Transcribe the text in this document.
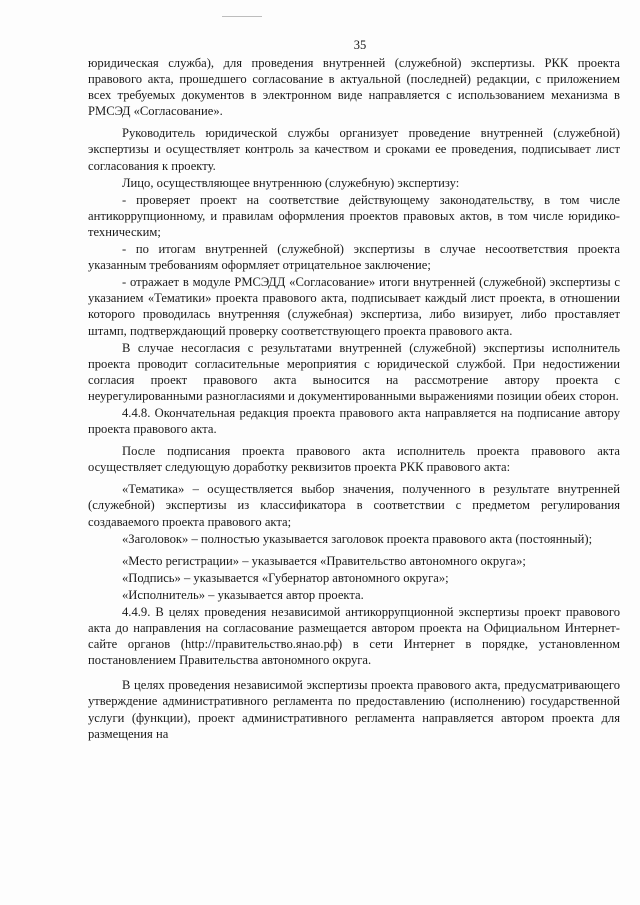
35

юридическая служба), для проведения внутренней (служебной) экспертизы. РКК проекта правового акта, прошедшего согласование в актуальной (последней) редакции, с приложением всех требуемых документов в электронном виде направляется с использованием механизма в РМСЭД «Согласование».

Руководитель юридической службы организует проведение внутренней (служебной) экспертизы и осуществляет контроль за качеством и сроками ее проведения, подписывает лист согласования к проекту.

Лицо, осуществляющее внутреннюю (служебную) экспертизу:

- проверяет проект на соответствие действующему законодательству, в том числе антикоррупционному, и правилам оформления проектов правовых актов, в том числе юридико-техническим;

- по итогам внутренней (служебной) экспертизы в случае несоответствия проекта указанным требованиям оформляет отрицательное заключение;

- отражает в модуле РМСЭДД «Согласование» итоги внутренней (служебной) экспертизы с указанием «Тематики» проекта правового акта, подписывает каждый лист проекта, в отношении которого проводилась внутренняя (служебная) экспертиза, либо визирует, либо проставляет штамп, подтверждающий проверку соответствующего проекта правового акта.

В случае несогласия с результатами внутренней (служебной) экспертизы исполнитель проекта проводит согласительные мероприятия с юридической службой. При недостижении согласия проект правового акта выносится на рассмотрение автору проекта с неурегулированными разногласиями и документированными выражениями позиции обеих сторон.

4.4.8. Окончательная редакция проекта правового акта направляется на подписание автору проекта правового акта.

После подписания проекта правового акта исполнитель проекта правового акта осуществляет следующую доработку реквизитов проекта РКК правового акта:

«Тематика» – осуществляется выбор значения, полученного в результате внутренней (служебной) экспертизы из классификатора в соответствии с предметом регулирования создаваемого проекта правового акта;

«Заголовок» – полностью указывается заголовок проекта правового акта (постоянный);

«Место регистрации» – указывается «Правительство автономного округа»;

«Подпись» – указывается «Губернатор автономного округа»;

«Исполнитель» – указывается автор проекта.

4.4.9. В целях проведения независимой антикоррупционной экспертизы проект правового акта до направления на согласование размещается автором проекта на Официальном Интернет-сайте органов (http://правительство.янао.рф) в сети Интернет в порядке, установленном постановлением Правительства автономного округа.

В целях проведения независимой экспертизы проекта правового акта, предусматривающего утверждение административного регламента по предоставлению (исполнению) государственной услуги (функции), проект административного регламента направляется автором проекта для размещения на
